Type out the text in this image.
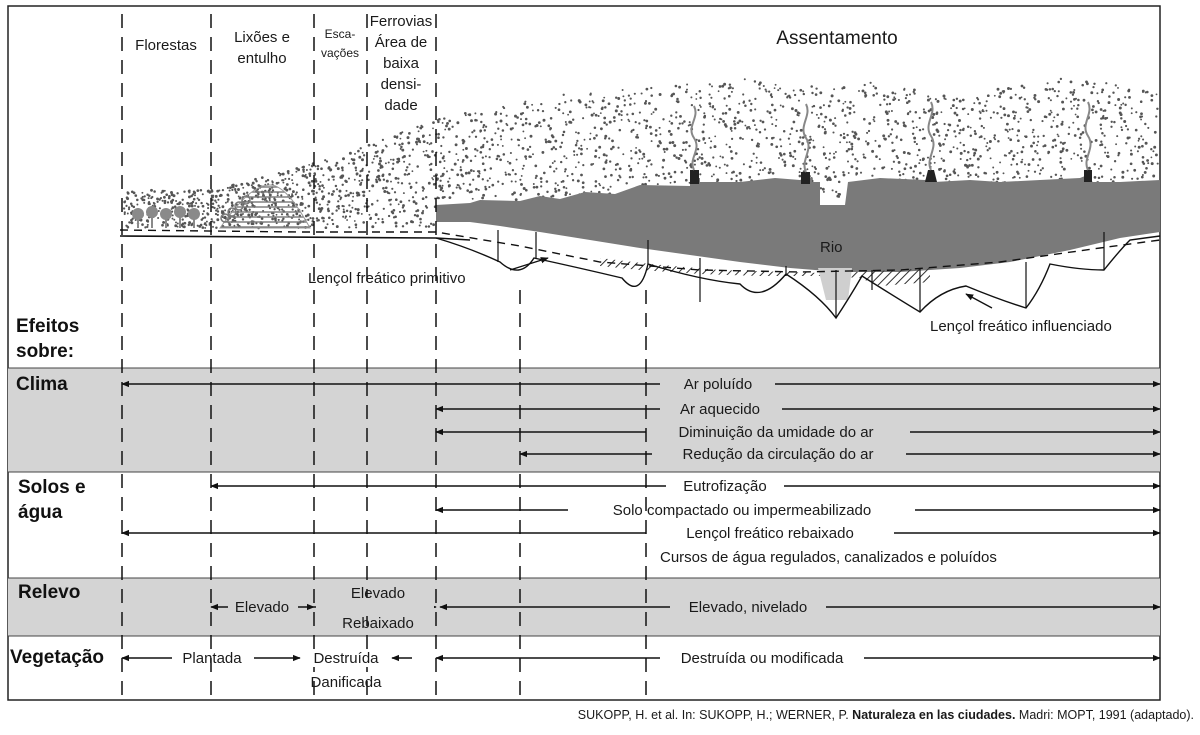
Florestas Lixões e
entulho
Esca-
vações
Ferrovias
Área de
baixa
densi-
dade
Assentamento
Rio
Lençol freático primitivo
Lençol freático influenciado
Efeitos
sobre:
Clima
Solos e
água
Relevo
Vegetação
Ar poluído
Ar aquecido
Diminuição da umidade do ar
Redução da circulação do ar
Eutrofização
Solo compactado ou impermeabilizado
Lençol freático rebaixado
Cursos de água regulados, canalizados e poluídos
Elevado
Elevado
Rebaixado
Elevado, nivelado
Plantada	Destruída
Danificada
Destruída ou modificada
SUKOPP, H. et al. In: SUKOPP, H.; WERNER, P. Naturaleza en las ciudades. Madri: MOPT, 1991 (adaptado).
